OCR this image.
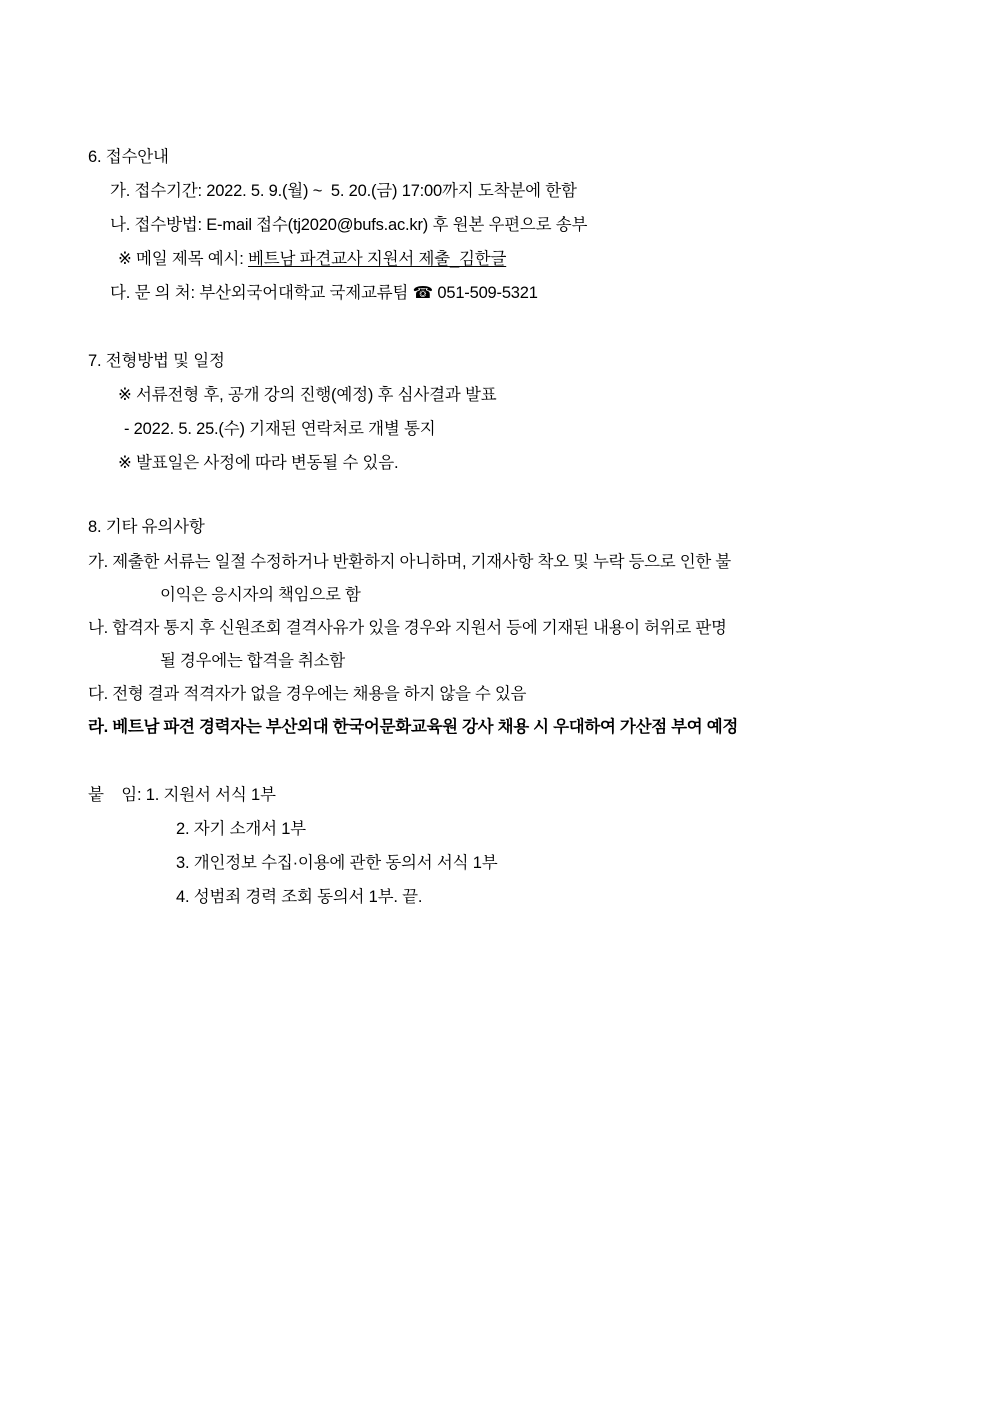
6. 접수안내
가. 접수기간: 2022. 5. 9.(월) ~  5. 20.(금) 17:00까지 도착분에 한함
나. 접수방법: E-mail 접수(tj2020@bufs.ac.kr) 후 원본 우편으로 송부
※ 메일 제목 예시: 베트남 파견교사 지원서 제출_김한글
다. 문 의 처: 부산외국어대학교 국제교류팀 ☎ 051-509-5321
7. 전형방법 및 일정
※ 서류전형 후, 공개 강의 진행(예정) 후 심사결과 발표
- 2022. 5. 25.(수) 기재된 연락처로 개별 통지
※ 발표일은 사정에 따라 변동될 수 있음.
8. 기타 유의사항
가. 제출한 서류는 일절 수정하거나 반환하지 아니하며, 기재사항 착오 및 누락 등으로 인한 불
이익은 응시자의 책임으로 함
나. 합격자 통지 후 신원조회 결격사유가 있을 경우와 지원서 등에 기재된 내용이 허위로 판명
될 경우에는 합격을 취소함
다. 전형 결과 적격자가 없을 경우에는 채용을 하지 않을 수 있음
라. 베트남 파견 경력자는 부산외대 한국어문화교육원 강사 채용 시 우대하여 가산점 부여 예정
붙    임: 1. 지원서 서식 1부
2. 자기 소개서 1부
3. 개인정보 수집·이용에 관한 동의서 서식 1부
4. 성범죄 경력 조회 동의서 1부. 끝.
